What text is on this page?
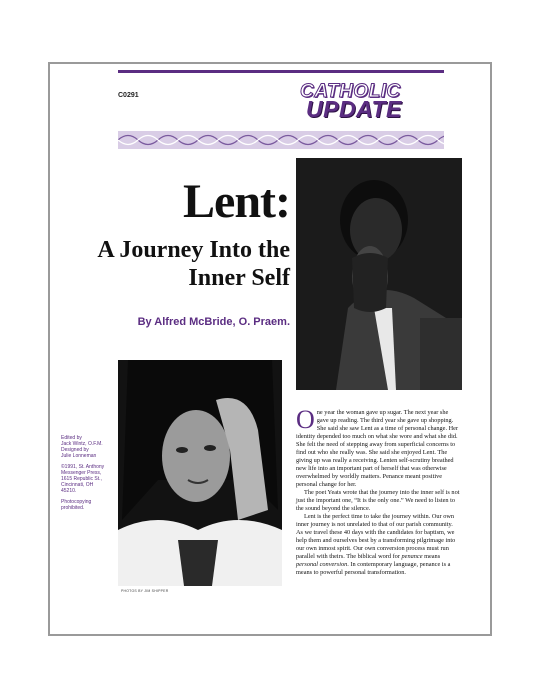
C0291	CATHOLIC
UPDATE
Lent:
A Journey Into the
Inner Self
By Alfred McBride, O. Praem.
PHOTOS BY JIM SHIPPER

Edited by
Jack Wintz, O.F.M.
Designed by
Julie Lonneman

©1991, St. Anthony
Messenger Press,
1615 Republic St.,
Cincinnati, OH
45210.

Photocopying
prohibited.

One year the woman gave up sugar. The next year she gave up reading. The third year she gave up shopping. She said she saw Lent as a time of personal change. Her identity depended too much on what she wore and what she did. She felt the need of stepping away from superficial concerns to find out who she really was. She said she enjoyed Lent. The giving up was really a receiving. Lenten self-scrutiny breathed new life into an important part of herself that was otherwise overwhelmed by worldly matters. Penance meant positive personal change for her.

The poet Yeats wrote that the journey into the inner self is not just the important one, “It is the only one.” We need to listen to the sound beyond the silence.

Lent is the perfect time to take the journey within. Our own inner journey is not unrelated to that of our parish community. As we travel these 40 days with the candidates for baptism, we help them and ourselves best by a transforming pilgrimage into our own inmost spirit. Our own conversion process must run parallel with theirs. The biblical word for penance means personal conversion. In contemporary language, penance is a means to powerful personal transformation.
